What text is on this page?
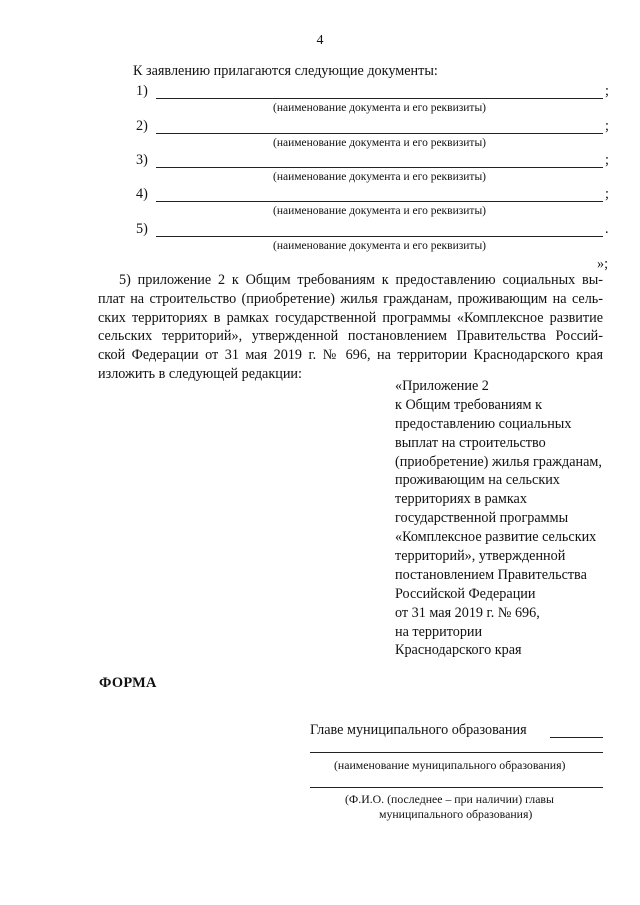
4
К заявлению прилагаются следующие документы:
1)	;
(наименование документа и его реквизиты)
2)	;
(наименование документа и его реквизиты)
3)	;
(наименование документа и его реквизиты)
4)	;
(наименование документа и его реквизиты)
5)	.
(наименование документа и его реквизиты)
»;
5) приложение 2 к Общим требованиям к предоставлению социальных вы-
плат на строительство (приобретение) жилья гражданам, проживающим на сель-
ских территориях в рамках государственной программы «Комплексное развитие
сельских территорий», утвержденной постановлением Правительства Россий-
ской Федерации от 31 мая 2019 г. № 696, на территории Краснодарского края
изложить в следующей редакции:
«Приложение 2
к Общим требованиям к
предоставлению социальных
выплат на строительство
(приобретение) жилья гражданам,
проживающим на сельских
территориях в рамках
государственной программы
«Комплексное развитие сельских
территорий», утвержденной
постановлением Правительства
Российской Федерации
от 31 мая 2019 г. № 696,
на территории
Краснодарского края
ФОРМА
Главе муниципального образования
(наименование муниципального образования)
(Ф.И.О. (последнее – при наличии) главы
муниципального образования)
